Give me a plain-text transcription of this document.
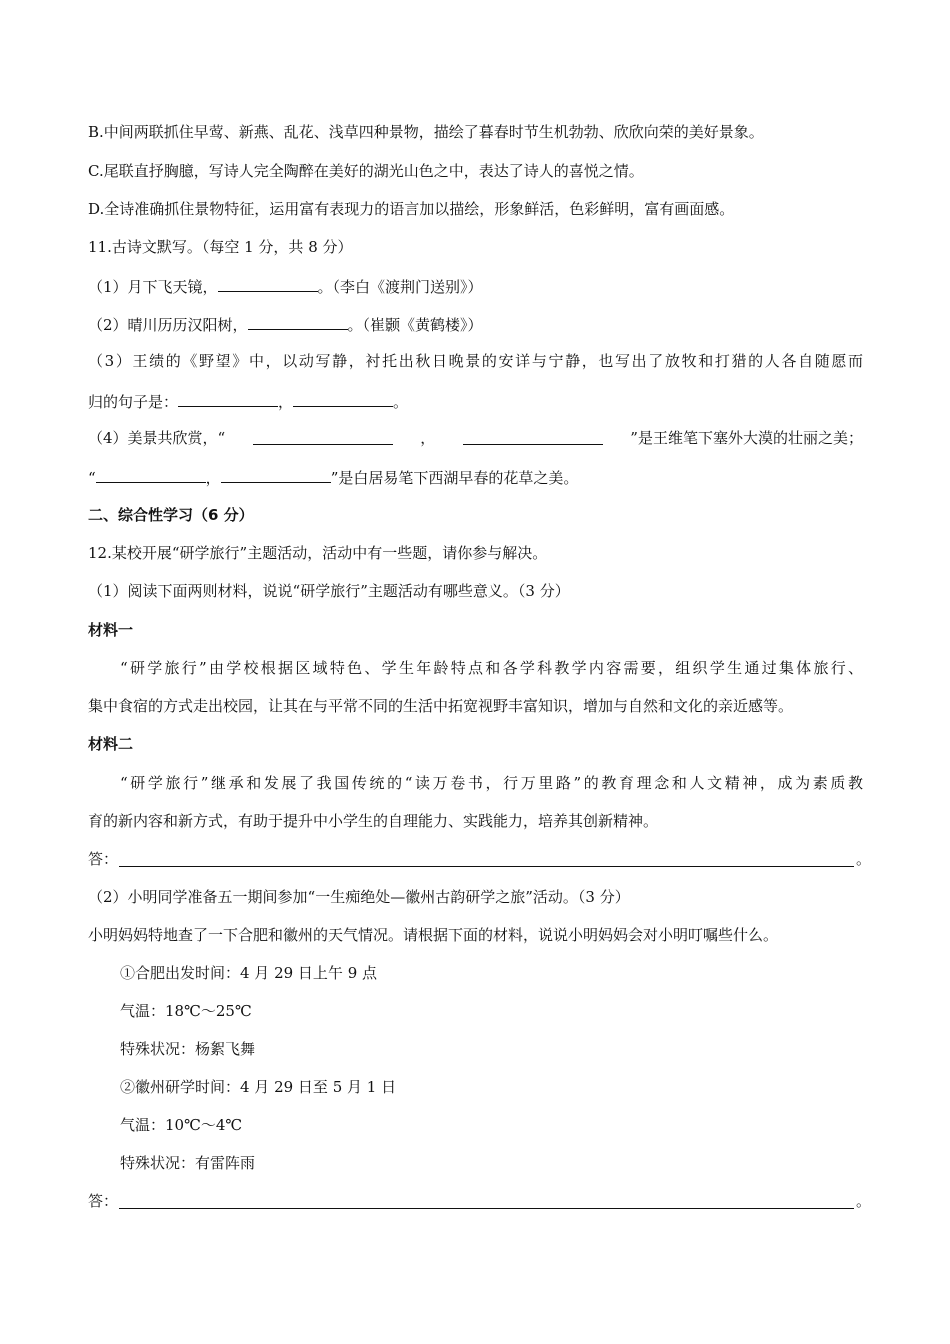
B.中间两联抓住早莺、新燕、乱花、浅草四种景物，描绘了暮春时节生机勃勃、欣欣向荣的美好景象。
C.尾联直抒胸臆，写诗人完全陶醉在美好的湖光山色之中，表达了诗人的喜悦之情。
D.全诗准确抓住景物特征，运用富有表现力的语言加以描绘，形象鲜活，色彩鲜明，富有画面感。
11.古诗文默写。（每空 1 分，共 8 分）
（1）月下飞天镜，	。（李白《渡荆门送别》）
（2）晴川历历汉阳树，	。（崔颢《黄鹤楼》）
（3）王绩的《野望》中，以动写静，衬托出秋日晚景的安详与宁静，也写出了放牧和打猎的人各自随愿而
归的句子是：	，	。
（4）美景共欣赏，“	，	”是王维笔下塞外大漠的壮丽之美；
“	，	”是白居易笔下西湖早春的花草之美。
二、综合性学习（6 分）
12.某校开展“研学旅行”主题活动，活动中有一些题，请你参与解决。
（1）阅读下面两则材料，说说“研学旅行”主题活动有哪些意义。（3 分）
材料一
“研学旅行”由学校根据区域特色、学生年龄特点和各学科教学内容需要，组织学生通过集体旅行、
集中食宿的方式走出校园，让其在与平常不同的生活中拓宽视野丰富知识，增加与自然和文化的亲近感等。
材料二
“研学旅行”继承和发展了我国传统的“读万卷书，行万里路”的教育理念和人文精神，成为素质教
育的新内容和新方式，有助于提升中小学生的自理能力、实践能力，培养其创新精神。
答：	。
（2）小明同学准备五一期间参加“一生痴绝处—徽州古韵研学之旅”活动。（3 分）
小明妈妈特地查了一下合肥和徽州的天气情况。请根据下面的材料，说说小明妈妈会对小明叮嘱些什么。
①合肥出发时间：4 月 29 日上午 9 点
气温：18℃～25℃
特殊状况：杨絮飞舞
②徽州研学时间：4 月 29 日至 5 月 1 日
气温：10℃～4℃
特殊状况：有雷阵雨
答：	。
